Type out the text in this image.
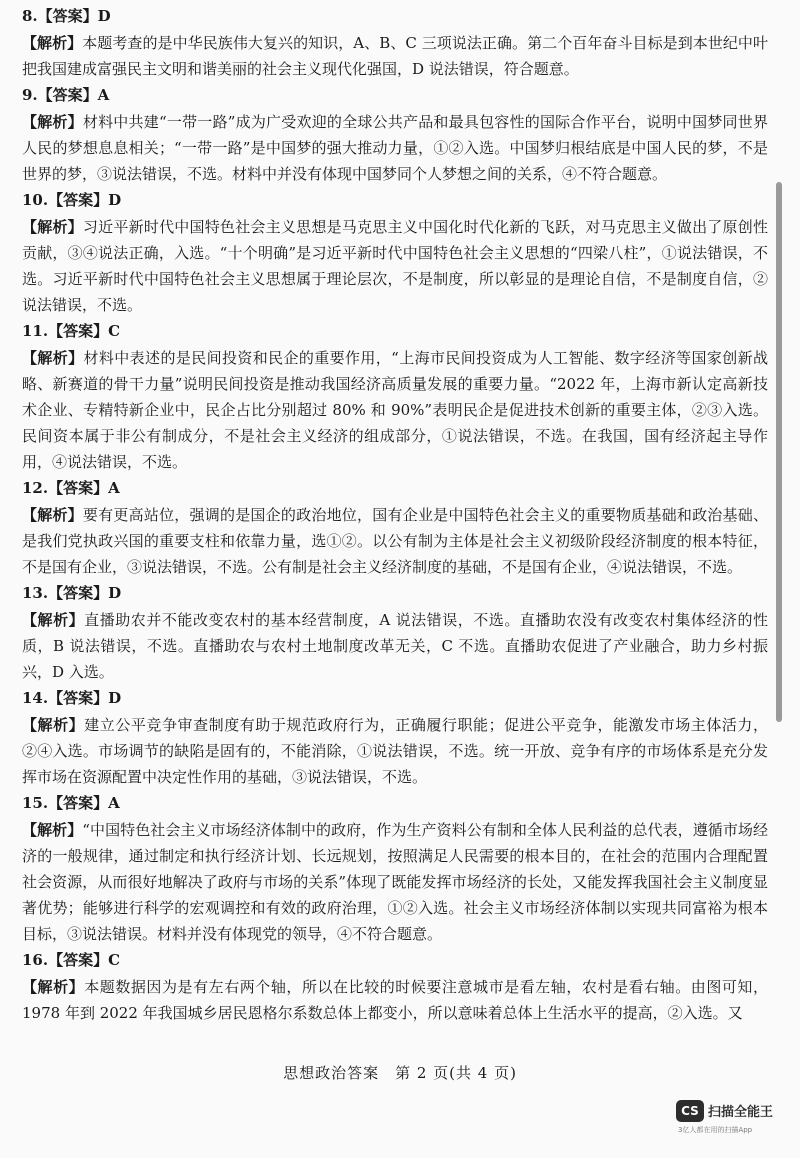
8.【答案】D

【解析】本题考查的是中华民族伟大复兴的知识，A、B、C 三项说法正确。第二个百年奋斗目标是到本世纪中叶把我国建成富强民主文明和谐美丽的社会主义现代化强国，D 说法错误，符合题意。

9.【答案】A

【解析】材料中共建“一带一路”成为广受欢迎的全球公共产品和最具包容性的国际合作平台，说明中国梦同世界人民的梦想息息相关；“一带一路”是中国梦的强大推动力量，①②入选。中国梦归根结底是中国人民的梦，不是世界的梦，③说法错误，不选。材料中并没有体现中国梦同个人梦想之间的关系，④不符合题意。

10.【答案】D

【解析】习近平新时代中国特色社会主义思想是马克思主义中国化时代化新的飞跃，对马克思主义做出了原创性贡献，③④说法正确，入选。“十个明确”是习近平新时代中国特色社会主义思想的“四梁八柱”，①说法错误，不选。习近平新时代中国特色社会主义思想属于理论层次，不是制度，所以彰显的是理论自信，不是制度自信，②说法错误，不选。

11.【答案】C

【解析】材料中表述的是民间投资和民企的重要作用，“上海市民间投资成为人工智能、数字经济等国家创新战略、新赛道的骨干力量”说明民间投资是推动我国经济高质量发展的重要力量。“2022 年，上海市新认定高新技术企业、专精特新企业中，民企占比分别超过 80% 和 90%”表明民企是促进技术创新的重要主体，②③入选。民间资本属于非公有制成分，不是社会主义经济的组成部分，①说法错误，不选。在我国，国有经济起主导作用，④说法错误，不选。

12.【答案】A

【解析】要有更高站位，强调的是国企的政治地位，国有企业是中国特色社会主义的重要物质基础和政治基础、是我们党执政兴国的重要支柱和依靠力量，选①②。以公有制为主体是社会主义初级阶段经济制度的根本特征，不是国有企业，③说法错误，不选。公有制是社会主义经济制度的基础，不是国有企业，④说法错误，不选。

13.【答案】D

【解析】直播助农并不能改变农村的基本经营制度，A 说法错误，不选。直播助农没有改变农村集体经济的性质，B 说法错误，不选。直播助农与农村土地制度改革无关，C 不选。直播助农促进了产业融合，助力乡村振兴，D 入选。

14.【答案】D

【解析】建立公平竞争审查制度有助于规范政府行为，正确履行职能；促进公平竞争，能激发市场主体活力，②④入选。市场调节的缺陷是固有的，不能消除，①说法错误，不选。统一开放、竞争有序的市场体系是充分发挥市场在资源配置中决定性作用的基础，③说法错误，不选。

15.【答案】A

【解析】“中国特色社会主义市场经济体制中的政府，作为生产资料公有制和全体人民利益的总代表，遵循市场经济的一般规律，通过制定和执行经济计划、长远规划，按照满足人民需要的根本目的，在社会的范围内合理配置社会资源，从而很好地解决了政府与市场的关系”体现了既能发挥市场经济的长处，又能发挥我国社会主义制度显著优势；能够进行科学的宏观调控和有效的政府治理，①②入选。社会主义市场经济体制以实现共同富裕为根本目标，③说法错误。材料并没有体现党的领导，④不符合题意。

16.【答案】C

【解析】本题数据因为是有左右两个轴，所以在比较的时候要注意城市是看左轴，农村是看右轴。由图可知，1978 年到 2022 年我国城乡居民恩格尔系数总体上都变小，所以意味着总体上生活水平的提高，②入选。又

思想政治答案　第 2 页(共 4 页)
CS 扫描全能王
3亿人都在用的扫描App
